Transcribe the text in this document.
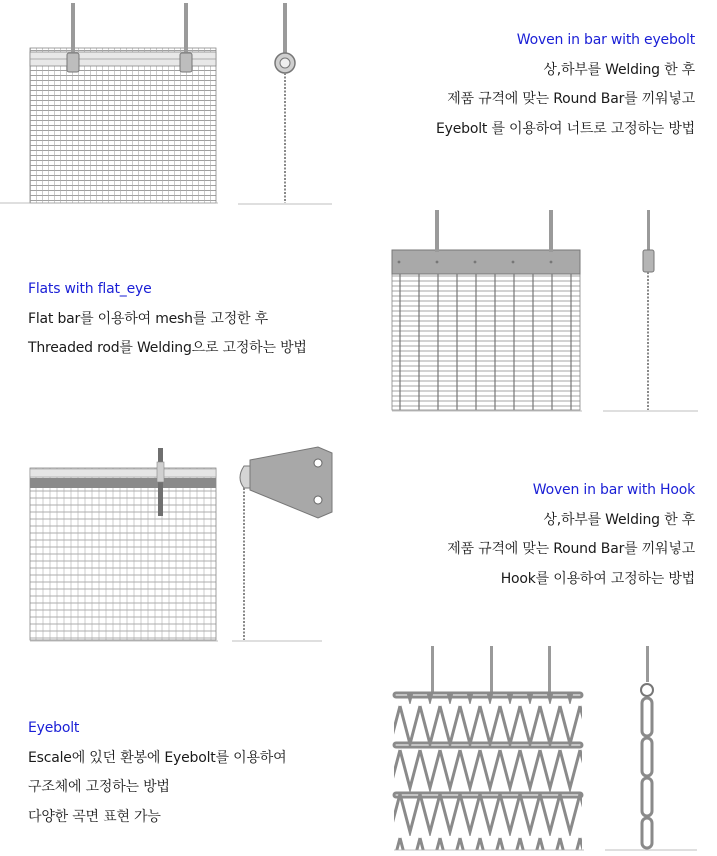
Woven in bar with eyebolt
상,하부를 Welding 한 후
제품 규격에 맞는 Round Bar를 끼워넣고
Eyebolt 를 이용하여 너트로 고정하는 방법
Flats with flat_eye
Flat bar를 이용하여 mesh를 고정한 후
Threaded rod를 Welding으로 고정하는 방법
Woven in bar with Hook
상,하부를 Welding 한 후
제품 규격에 맞는 Round Bar를 끼워넣고
Hook를 이용하여 고정하는 방법
Eyebolt
Escale에 있던 환봉에 Eyebolt를 이용하여
구조체에 고정하는 방법
다양한 곡면 표현 가능
